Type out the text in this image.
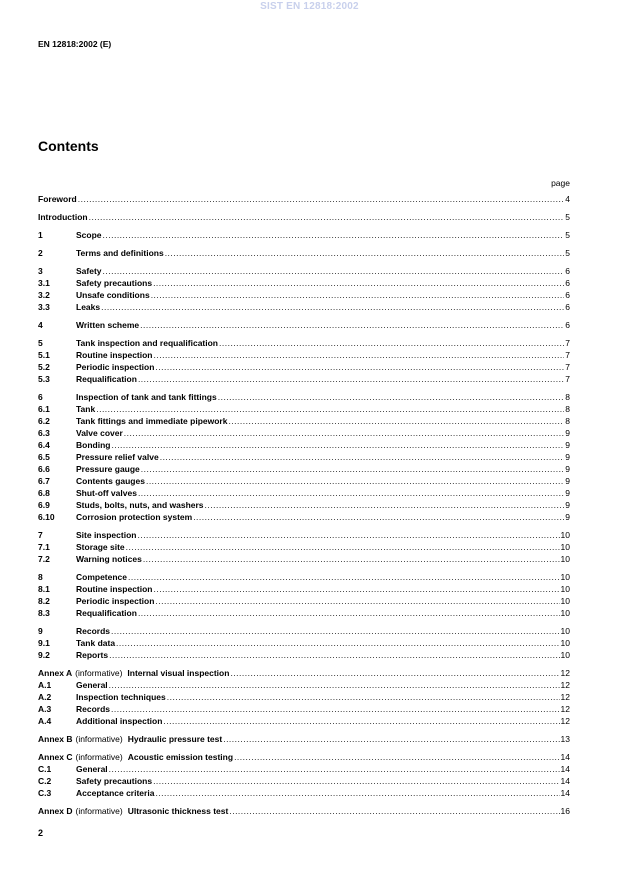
SIST EN 12818:2002
EN 12818:2002 (E)
Contents
page
Foreword .....	4
Introduction .....	5
1	Scope .....	5
2	Terms and definitions .....	5
3	Safety .....	6
3.1	Safety precautions .....	6
3.2	Unsafe conditions .....	6
3.3	Leaks .....	6
4	Written scheme .....	6
5	Tank inspection and requalification .....	7
5.1	Routine inspection .....	7
5.2	Periodic inspection .....	7
5.3	Requalification .....	7
6	Inspection of tank and tank fittings .....	8
6.1	Tank .....	8
6.2	Tank fittings and immediate pipework .....	8
6.3	Valve cover .....	9
6.4	Bonding .....	9
6.5	Pressure relief valve .....	9
6.6	Pressure gauge .....	9
6.7	Contents gauges .....	9
6.8	Shut-off valves .....	9
6.9	Studs, bolts, nuts, and washers .....	9
6.10	Corrosion protection system .....	9
7	Site inspection .....	10
7.1	Storage site .....	10
7.2	Warning notices .....	10
8	Competence .....	10
8.1	Routine inspection .....	10
8.2	Periodic inspection .....	10
8.3	Requalification .....	10
9	Records .....	10
9.1	Tank data .....	10
9.2	Reports .....	10
Annex A (informative) Internal visual inspection .....	12
A.1	General .....	12
A.2	Inspection techniques .....	12
A.3	Records .....	12
A.4	Additional inspection .....	12
Annex B (informative) Hydraulic pressure test .....	13
Annex C (informative) Acoustic emission testing .....	14
C.1	General .....	14
C.2	Safety precautions .....	14
C.3	Acceptance criteria .....	14
Annex D (informative) Ultrasonic thickness test .....	16
2
